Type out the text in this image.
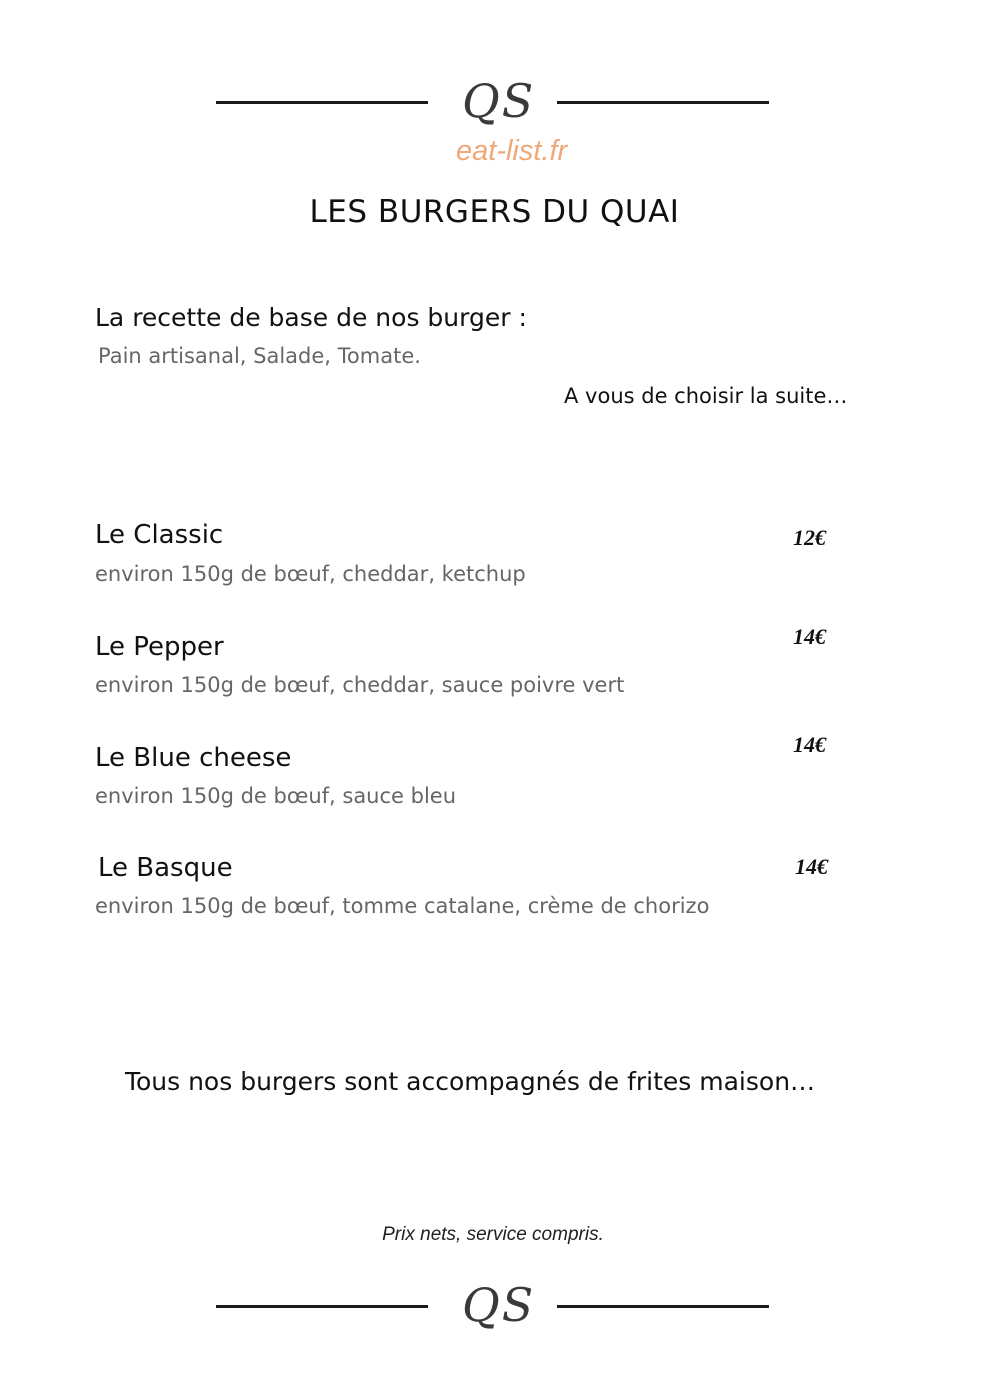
QS
eat-list.fr
LES BURGERS DU QUAI
La recette de base de nos burger :
Pain artisanal, Salade, Tomate.
A vous de choisir la suite…
Le Classic	12€
environ 150g de bœuf, cheddar, ketchup
Le Pepper	14€
environ 150g de bœuf, cheddar, sauce poivre vert
Le Blue cheese	14€
environ 150g de bœuf, sauce bleu
Le Basque	14€
environ 150g de bœuf, tomme catalane, crème de chorizo
Tous nos burgers sont accompagnés de frites maison…
Prix nets, service compris.
QS
